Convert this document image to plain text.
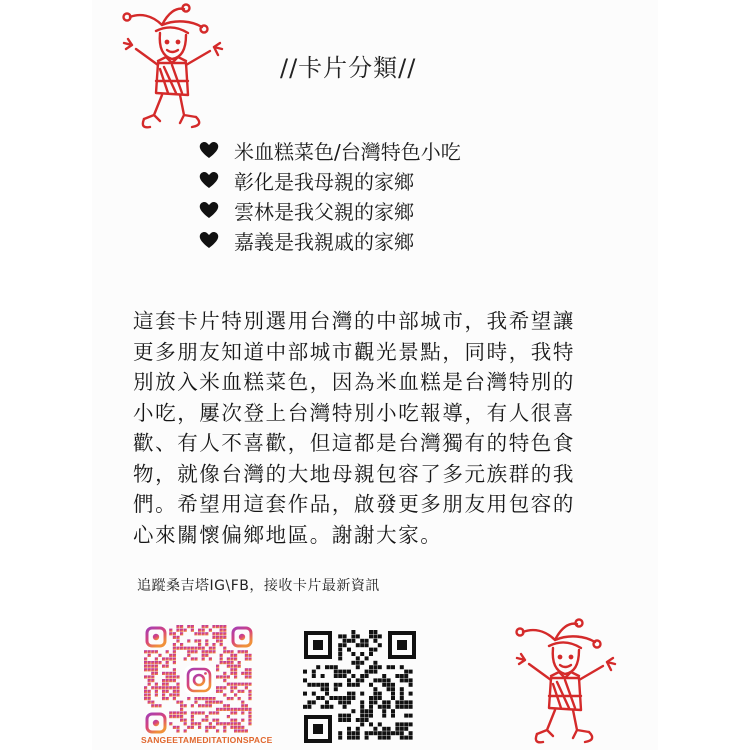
//卡片分類//
米血糕菜色/台灣特色小吃
彰化是我母親的家鄉
雲林是我父親的家鄉
嘉義是我親戚的家鄉
這套卡片特別選用台灣的中部城市，我希望讓
更多朋友知道中部城市觀光景點，同時，我特
別放入米血糕菜色，因為米血糕是台灣特別的
小吃，屢次登上台灣特別小吃報導，有人很喜
歡、有人不喜歡，但這都是台灣獨有的特色食
物，就像台灣的大地母親包容了多元族群的我
們。希望用這套作品，啟發更多朋友用包容的
心來關懷偏鄉地區。謝謝大家。
追蹤桑吉塔IG\FB，接收卡片最新資訊
SANGEETAMEDITATIONSPACE
